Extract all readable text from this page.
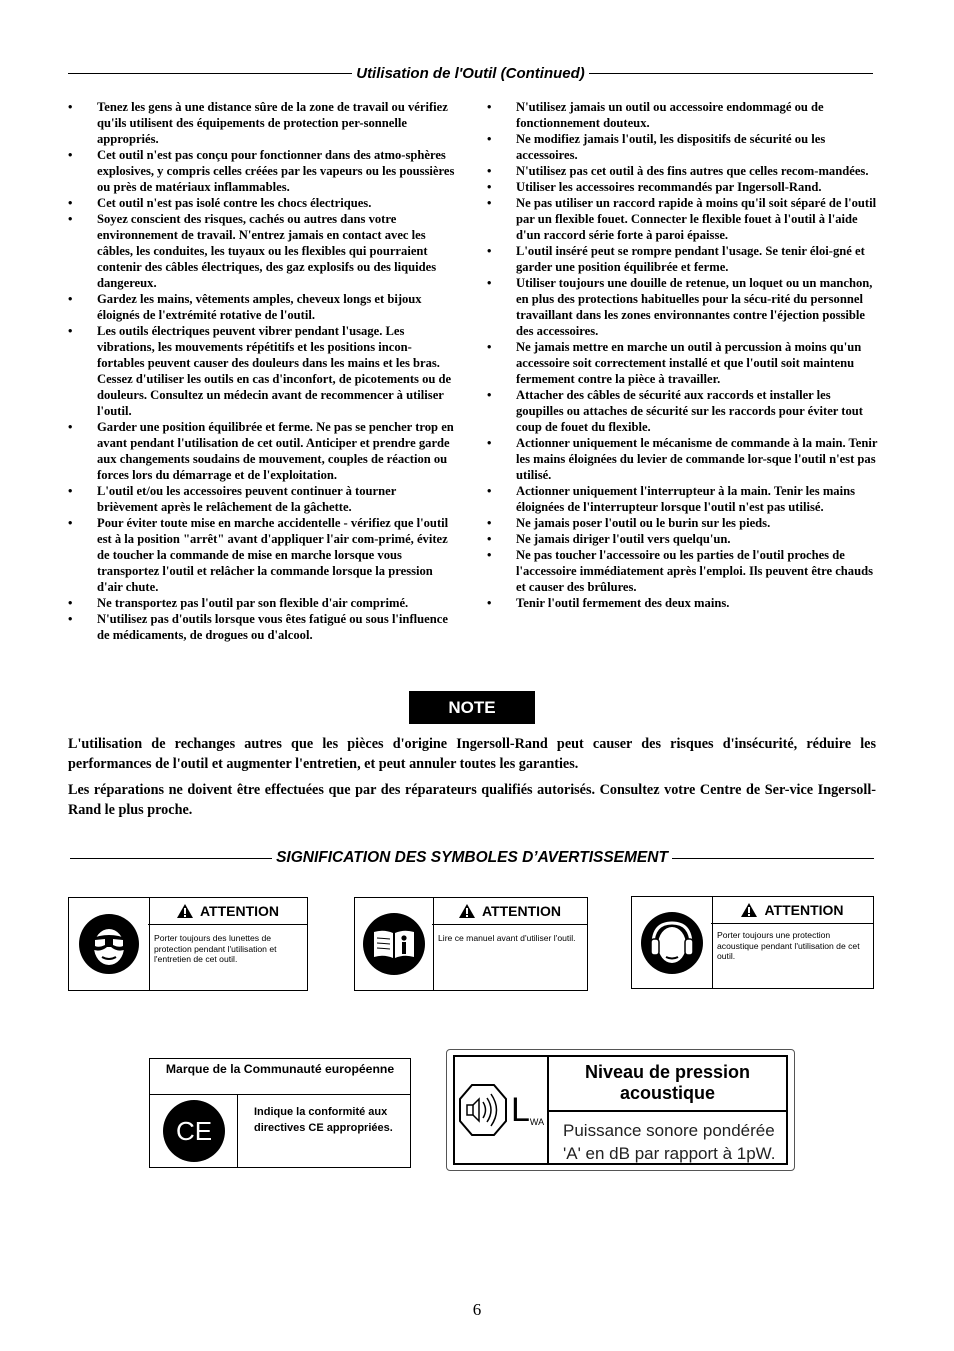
Utilisation de l'Outil (Continued)
• Tenez les gens à une distance sûre de la zone de travail ou vérifiez qu'ils utilisent des équipements de protection per-sonnelle appropriés.
• Cet outil n'est pas conçu pour fonctionner dans des atmo-sphères explosives, y compris celles créées par les vapeurs ou les poussières ou près de matériaux inflammables.
• Cet outil n'est pas isolé contre les chocs électriques.
• Soyez conscient des risques, cachés ou autres dans votre environnement de travail. N'entrez jamais en contact avec les câbles, les conduites, les tuyaux ou les flexibles qui pourraient contenir des câbles électriques, des gaz explosifs ou des liquides dangereux.
• Gardez les mains, vêtements amples, cheveux longs et bijoux éloignés de l'extrémité rotative de l'outil.
• Les outils électriques peuvent vibrer pendant l'usage. Les vibrations, les mouvements répétitifs et les positions incon-fortables peuvent causer des douleurs dans les mains et les bras. Cessez d'utiliser les outils en cas d'inconfort, de picotements ou de douleurs. Consultez un médecin avant de recommencer à utiliser l'outil.
• Garder une position équilibrée et ferme. Ne pas se pencher trop en avant pendant l'utilisation de cet outil. Anticiper et prendre garde aux changements soudains de mouvement, couples de réaction ou forces lors du démarrage et de l'exploitation.
• L'outil et/ou les accessoires peuvent continuer à tourner brièvement après le relâchement de la gâchette.
• Pour éviter toute mise en marche accidentelle - vérifiez que l'outil est à la position "arrêt" avant d'appliquer l'air com-primé, évitez de toucher la commande de mise en marche lorsque vous transportez l'outil et relâcher la commande lorsque la pression d'air chute.
• Ne transportez pas l'outil par son flexible d'air comprimé.
• N'utilisez pas d'outils lorsque vous êtes fatigué ou sous l'influence de médicaments, de drogues ou d'alcool.
• N'utilisez jamais un outil ou accessoire endommagé ou de fonctionnement douteux.
• Ne modifiez jamais l'outil, les dispositifs de sécurité ou les accessoires.
• N'utilisez pas cet outil à des fins autres que celles recom-mandées.
• Utiliser les accessoires recommandés par Ingersoll-Rand.
• Ne pas utiliser un raccord rapide à moins qu'il soit séparé de l'outil par un flexible fouet. Connecter le flexible fouet à l'outil à l'aide d'un raccord série forte à paroi épaisse.
• L'outil inséré peut se rompre pendant l'usage. Se tenir éloi-gné et garder une position équilibrée et ferme.
• Utiliser toujours une douille de retenue, un loquet ou un manchon, en plus des protections habituelles pour la sécu-rité du personnel travaillant dans les zones environnantes contre l'éjection possible des accessoires.
• Ne jamais mettre en marche un outil à percussion à moins qu'un accessoire soit correctement installé et que l'outil soit maintenu fermement contre la pièce à travailler.
• Attacher des câbles de sécurité aux raccords et installer les goupilles ou attaches de sécurité sur les raccords pour éviter tout coup de fouet du flexible.
• Actionner uniquement le mécanisme de commande à la main. Tenir les mains éloignées du levier de commande lor-sque l'outil n'est pas utilisé.
• Actionner uniquement l'interrupteur à la main. Tenir les mains éloignées de l'interrupteur lorsque l'outil n'est pas utilisé.
• Ne jamais poser l'outil ou le burin sur les pieds.
• Ne jamais diriger l'outil vers quelqu'un.
• Ne pas toucher l'accessoire ou les parties de l'outil proches de l'accessoire immédiatement après l'emploi. Ils peuvent être chauds et causer des brûlures.
• Tenir l'outil fermement des deux mains.
NOTE

L'utilisation de rechanges autres que les pièces d'origine Ingersoll-Rand peut causer des risques d'insécurité, réduire les performances de l'outil et augmenter l'entretien, et peut annuler toutes les garanties.

Les réparations ne doivent être effectuées que par des réparateurs qualifiés autorisés. Consultez votre Centre de Ser-vice Ingersoll-Rand le plus proche.

SIGNIFICATION DES SYMBOLES D’AVERTISSEMENT
ATTENTION
Porter toujours des lunettes de protection pendant l'utilisation et l'entretien de cet outil.
ATTENTION
Lire ce manuel avant d'utiliser l'outil.
ATTENTION
Porter toujours une protection acoustique pendant l'utilisation de cet outil.
Marque de la Communauté européenne
CE
Indique la conformité aux directives CE appropriées.	L WA
Niveau de pression acoustique
Puissance sonore pondérée 'A' en dB par rapport à 1pW.
6
